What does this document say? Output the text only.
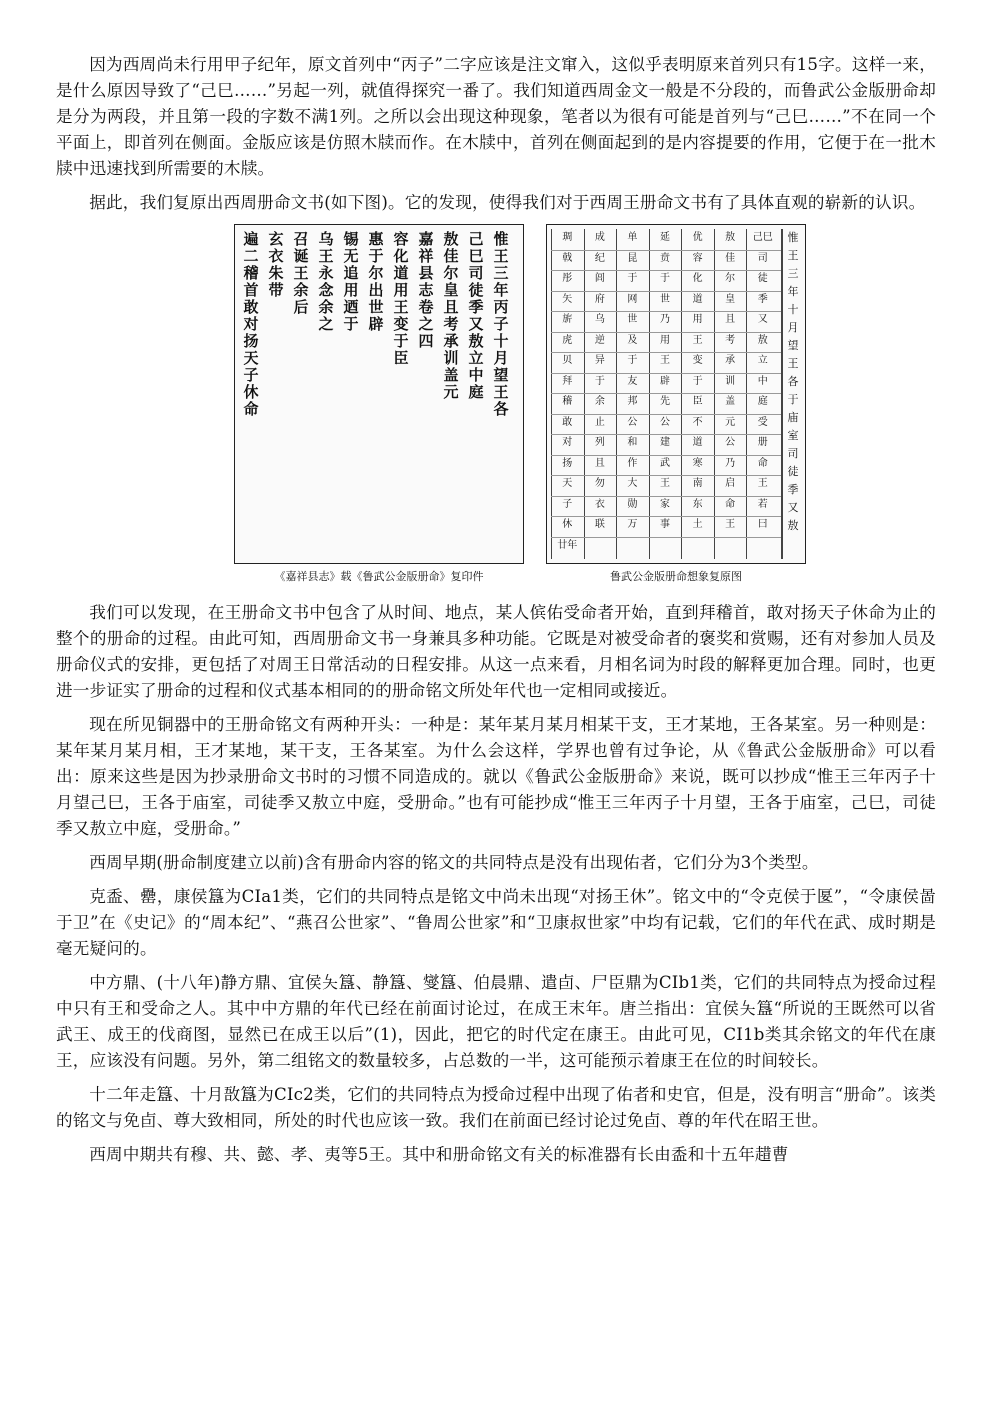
因为西周尚未行用甲子纪年，原文首列中“丙子”二字应该是注文窜入，这似乎表明原来首列只有15字。这样一来，是什么原因导致了“己巳……”另起一列，就值得探究一番了。我们知道西周金文一般是不分段的，而鲁武公金版册命却是分为两段，并且第一段的字数不满1列。之所以会出现这种现象，笔者以为很有可能是首列与“己巳……”不在同一个平面上，即首列在侧面。金版应该是仿照木牍而作。在木牍中，首列在侧面起到的是内容提要的作用，它便于在一批木牍中迅速找到所需要的木牍。

据此，我们复原出西周册命文书(如下图)。它的发现，使得我们对于西周王册命文书有了具体直观的崭新的认识。

惟
王
三
年
丙
子
十
月
望
王
各
己
巳
司
徒
季
又
敖
立
中
庭
敖
佳
尔
皇
且
考
承
训
盖
元
嘉
祥
县
志
卷
之
四
容
化
道
用
王
变
于
臣
惠
于
尔
出
世
辟
锡
无
追
用
迺
于
乌
王
永
念
余
之
召
诞
王
余
后
玄
衣
朱
带
遍
二
稽
首
敢
对
扬
天
子
休
命
《嘉祥县志》载《鲁武公金版册命》复印件
己巳
司
徒
季
又
敖
立
中
庭
受
册
命
王
若
曰
敖
佳
尔
皇
且
考
承
训
盖
元
公
乃
启
命
王
优
容
化
道
用
王
变
于
臣
不
道
寒
南
东
土
延
贲
于
世
乃
用
王
辟
先
公
建
武
王
家
事
单
昆
于
网
世
及
于
友
邦
公
和
作
大
勋
万
成
纪
闾
府
乌
逆
异
于
余
止
列
且
勿
衣
联
琱
戟
彤
矢
旂
虎
贝
拜
稽
敢
对
扬
天
子
休
廿年
惟
王
三
年
十
月
望
王
各
于
庙
室
司
徒
季
又
敖
鲁武公金版册命想象复原图

我们可以发现，在王册命文书中包含了从时间、地点，某人傧佑受命者开始，直到拜稽首，敢对扬天子休命为止的整个的册命的过程。由此可知，西周册命文书一身兼具多种功能。它既是对被受命者的褒奖和赏赐，还有对参加人员及册命仪式的安排，更包括了对周王日常活动的日程安排。从这一点来看，月相名词为时段的解释更加合理。同时，也更进一步证实了册命的过程和仪式基本相同的的册命铭文所处年代也一定相同或接近。

现在所见铜器中的王册命铭文有两种开头：一种是：某年某月某月相某干支，王才某地，王各某室。另一种则是：某年某月某月相，王才某地，某干支，王各某室。为什么会这样，学界也曾有过争论，从《鲁武公金版册命》可以看出：原来这些是因为抄录册命文书时的习惯不同造成的。就以《鲁武公金版册命》来说，既可以抄成“惟王三年丙子十月望己巳，王各于庙室，司徒季又敖立中庭，受册命。”也有可能抄成“惟王三年丙子十月望，王各于庙室，己巳，司徒季又敖立中庭，受册命。”

西周早期(册命制度建立以前)含有册命内容的铭文的共同特点是没有出现佑者，它们分为3个类型。

克盉、罍，康侯簋为CIa1类，它们的共同特点是铭文中尚未出现“对扬王休”。铭文中的“令克侯于匽”，“令康侯啚于卫”在《史记》的“周本纪”、“燕召公世家”、“鲁周公世家”和“卫康叔世家”中均有记载，它们的年代在武、成时期是毫无疑问的。

中方鼎、(十八年)静方鼎、宜侯夨簋、静簋、燮簋、伯晨鼎、遣卣、尸臣鼎为CIb1类，它们的共同特点为授命过程中只有王和受命之人。其中中方鼎的年代已经在前面讨论过，在成王末年。唐兰指出：宜侯夨簋“所说的王既然可以省武王、成王的伐商图，显然已在成王以后”(1)，因此，把它的时代定在康王。由此可见，CI1b类其余铭文的年代在康王，应该没有问题。另外，第二组铭文的数量较多，占总数的一半，这可能预示着康王在位的时间较长。

十二年走簋、十月敔簋为CIc2类，它们的共同特点为授命过程中出现了佑者和史官，但是，没有明言“册命”。该类的铭文与免卣、尊大致相同，所处的时代也应该一致。我们在前面已经讨论过免卣、尊的年代在昭王世。

西周中期共有穆、共、懿、孝、夷等5王。其中和册命铭文有关的标准器有长由盉和十五年趞曹
